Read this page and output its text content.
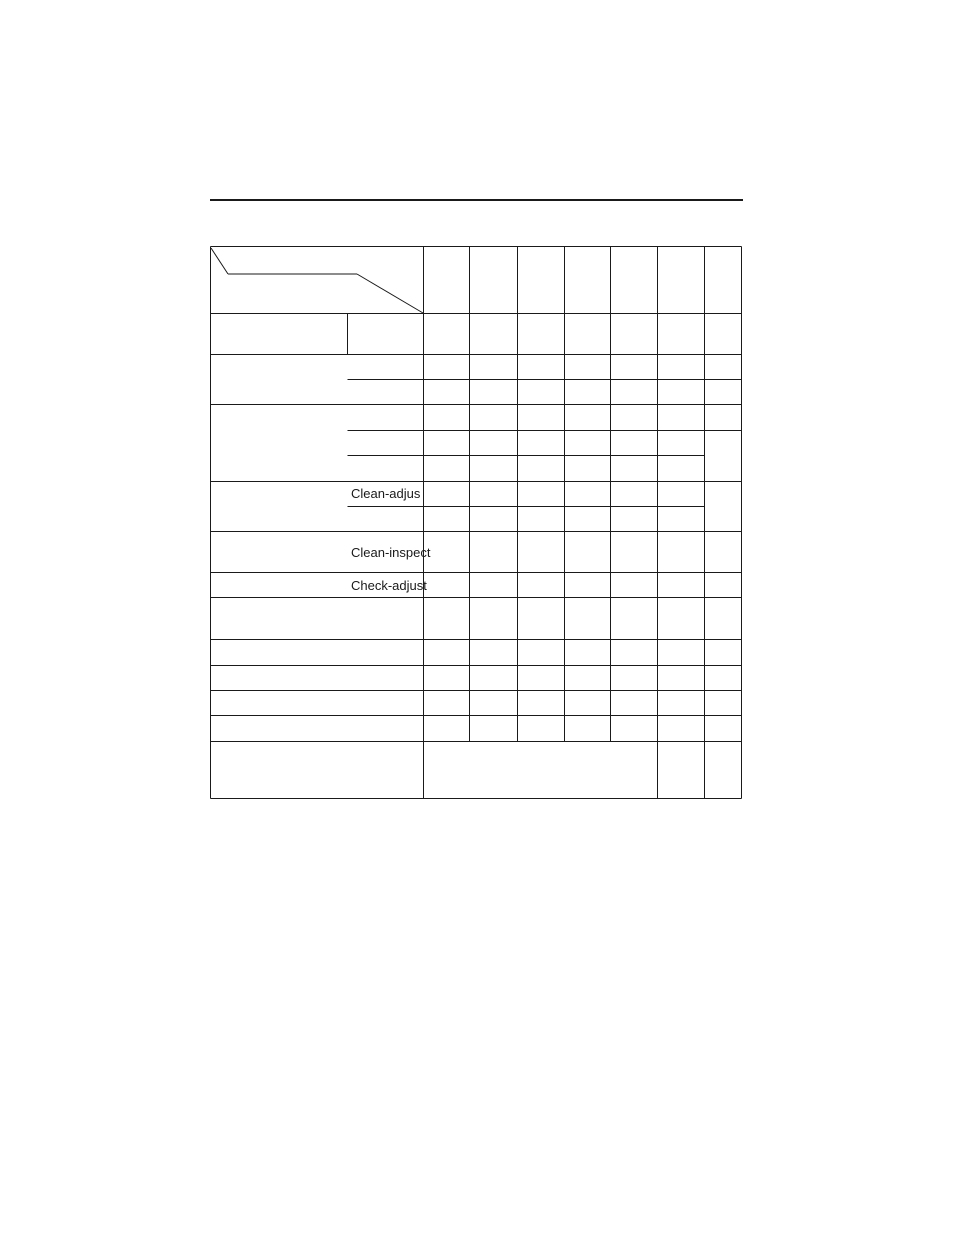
Clean-adjus
Clean-inspect
Check-adjust
